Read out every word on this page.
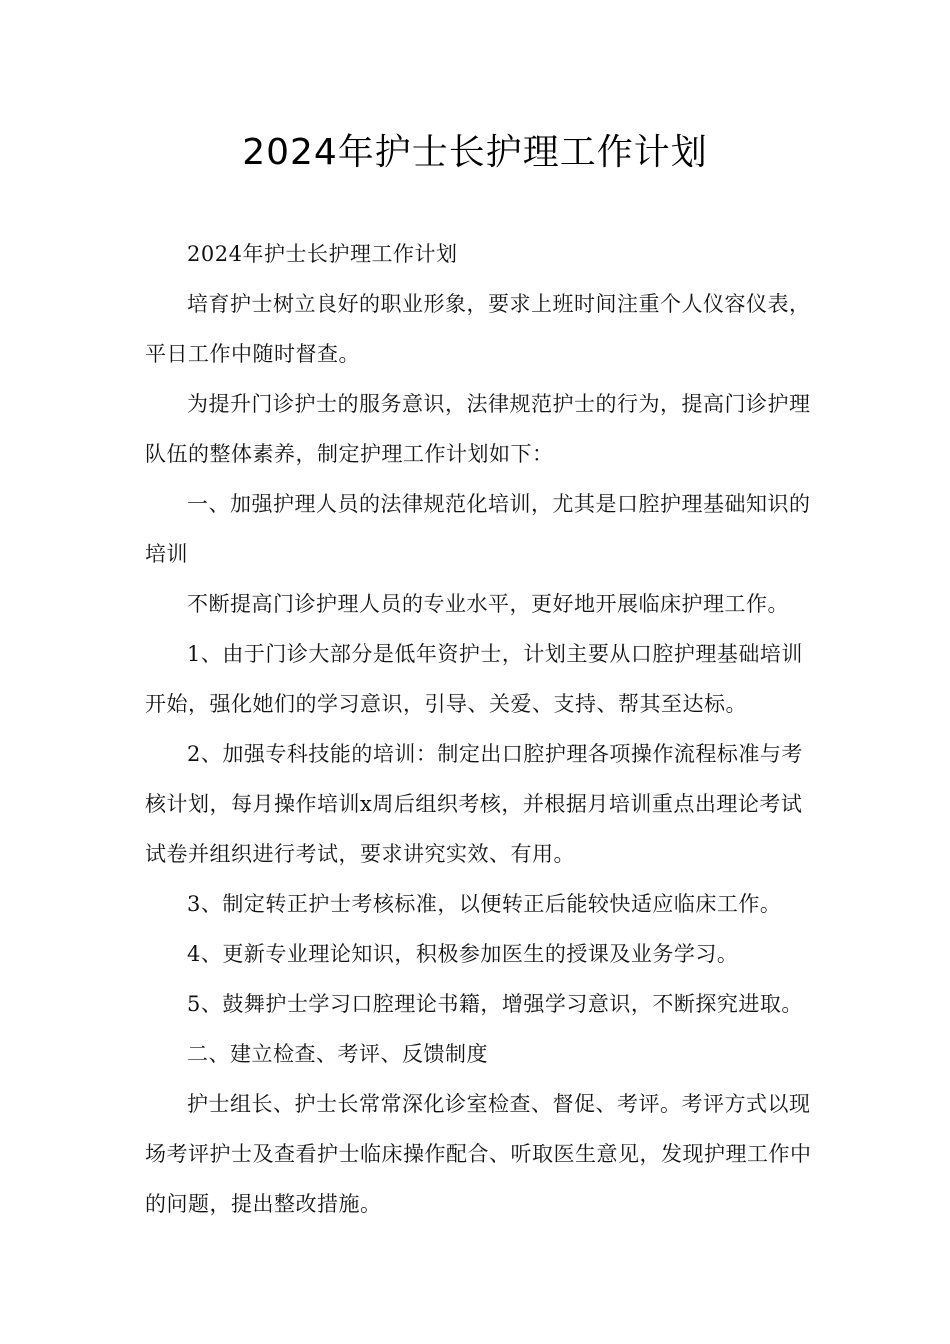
2024年护士长护理工作计划

2024年护士长护理工作计划

培育护士树立良好的职业形象，要求上班时间注重个人仪容仪表，平日工作中随时督查。

为提升门诊护士的服务意识，法律规范护士的行为，提高门诊护理队伍的整体素养，制定护理工作计划如下：

一、加强护理人员的法律规范化培训，尤其是口腔护理基础知识的培训

不断提高门诊护理人员的专业水平，更好地开展临床护理工作。

1、由于门诊大部分是低年资护士，计划主要从口腔护理基础培训开始，强化她们的学习意识，引导、关爱、支持、帮其至达标。

2、加强专科技能的培训：制定出口腔护理各项操作流程标准与考核计划，每月操作培训x周后组织考核，并根据月培训重点出理论考试试卷并组织进行考试，要求讲究实效、有用。

3、制定转正护士考核标准，以便转正后能较快适应临床工作。

4、更新专业理论知识，积极参加医生的授课及业务学习。

5、鼓舞护士学习口腔理论书籍，增强学习意识，不断探究进取。

二、建立检查、考评、反馈制度

护士组长、护士长常常深化诊室检查、督促、考评。考评方式以现场考评护士及查看护士临床操作配合、听取医生意见，发现护理工作中的问题，提出整改措施。
